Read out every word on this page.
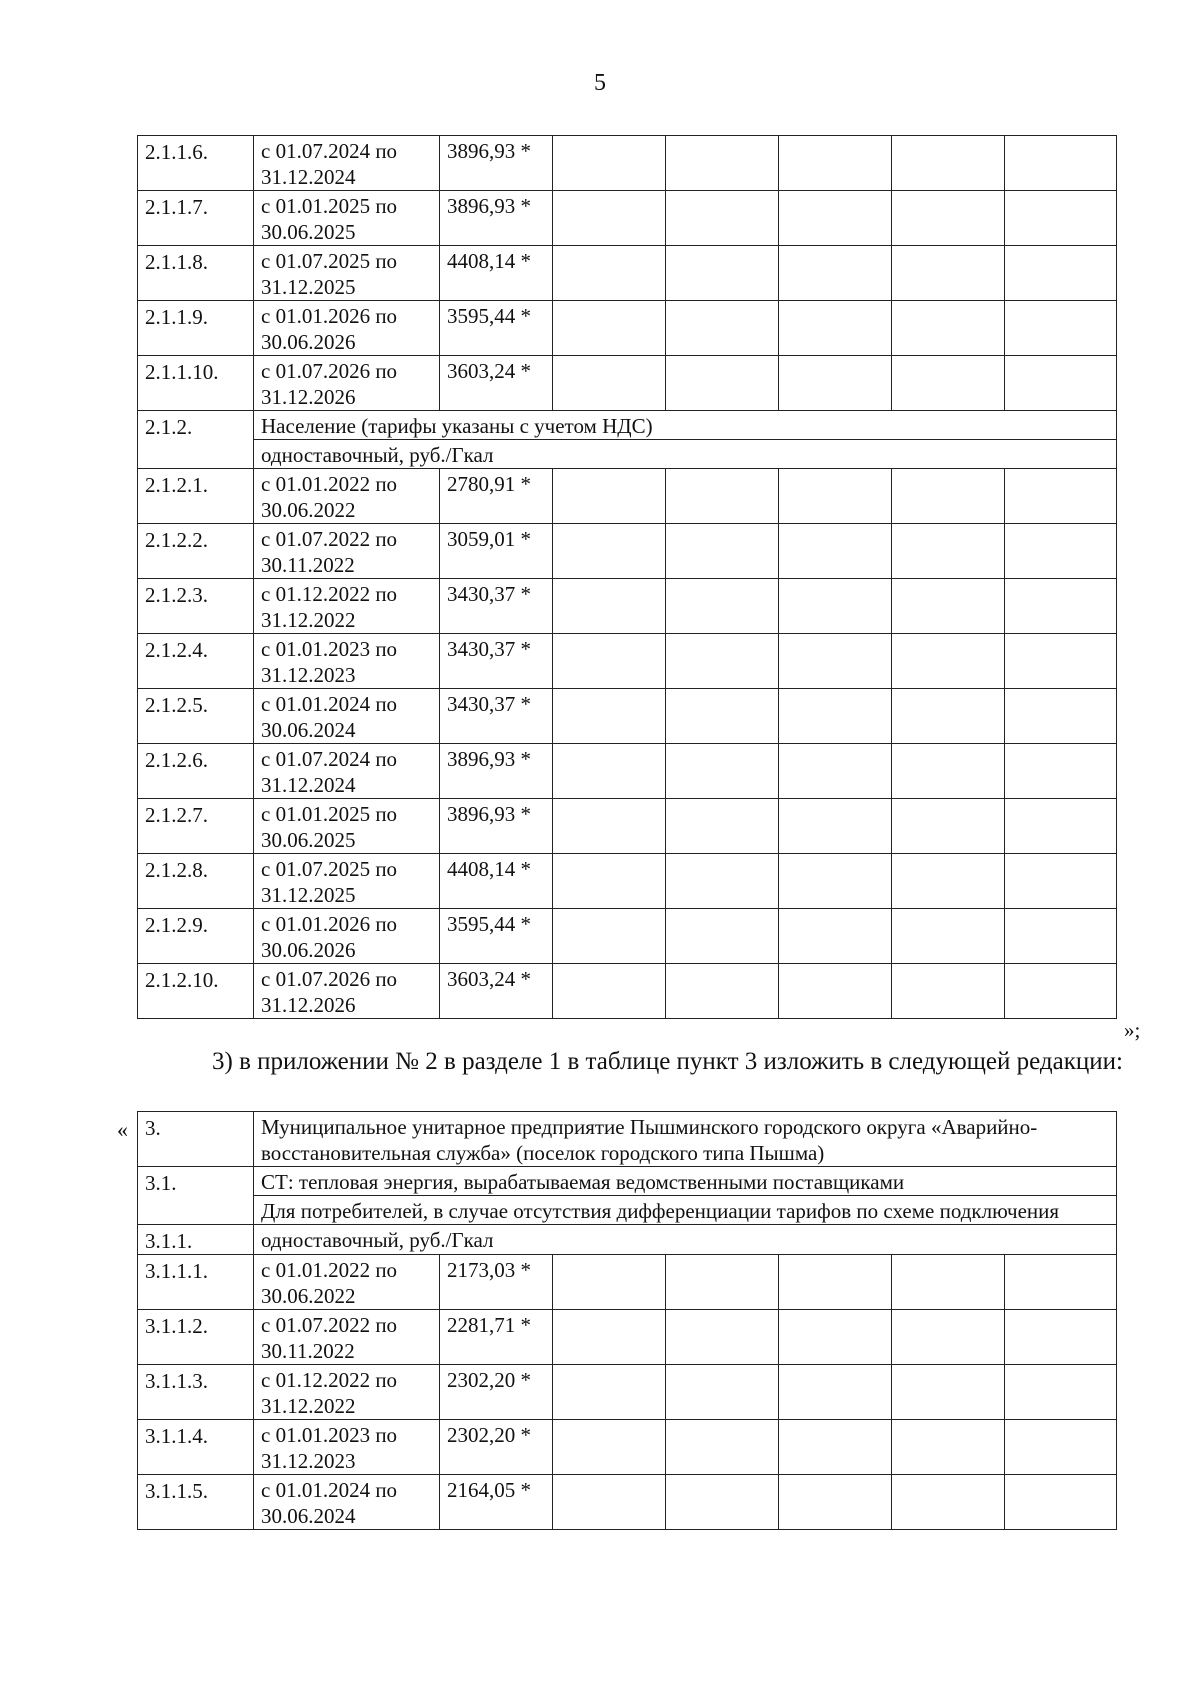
5
2.1.1.6.	с 01.07.2024 по 31.12.2024	3896,93 *					
2.1.1.7.	с 01.01.2025 по 30.06.2025	3896,93 *					
2.1.1.8.	с 01.07.2025 по 31.12.2025	4408,14 *					
2.1.1.9.	с 01.01.2026 по 30.06.2026	3595,44 *					
2.1.1.10.	с 01.07.2026 по 31.12.2026	3603,24 *					
2.1.2.	Население (тарифы указаны с учетом НДС)						
	одноставочный, руб./Гкал						
2.1.2.1.	с 01.01.2022 по 30.06.2022	2780,91 *					
2.1.2.2.	с 01.07.2022 по 30.11.2022	3059,01 *					
2.1.2.3.	с 01.12.2022 по 31.12.2022	3430,37 *					
2.1.2.4.	с 01.01.2023 по 31.12.2023	3430,37 *					
2.1.2.5.	с 01.01.2024 по 30.06.2024	3430,37 *					
2.1.2.6.	с 01.07.2024 по 31.12.2024	3896,93 *					
2.1.2.7.	с 01.01.2025 по 30.06.2025	3896,93 *					
2.1.2.8.	с 01.07.2025 по 31.12.2025	4408,14 *					
2.1.2.9.	с 01.01.2026 по 30.06.2026	3595,44 *					
2.1.2.10.	с 01.07.2026 по 31.12.2026	3603,24 *					
»;
3) в приложении № 2 в разделе 1 в таблице пункт 3 изложить в следующей редакции:
« 3.	Муниципальное унитарное предприятие Пышминского городского округа «Аварийно-восстановительная служба» (поселок городского типа Пышма)						
3.1.	СТ: тепловая энергия, вырабатываемая ведомственными поставщиками						
	Для потребителей, в случае отсутствия дифференциации тарифов по схеме подключения						
3.1.1.	одноставочный, руб./Гкал						
3.1.1.1.	с 01.01.2022 по 30.06.2022	2173,03 *					
3.1.1.2.	с 01.07.2022 по 30.11.2022	2281,71 *					
3.1.1.3.	с 01.12.2022 по 31.12.2022	2302,20 *					
3.1.1.4.	с 01.01.2023 по 31.12.2023	2302,20 *					
3.1.1.5.	с 01.01.2024 по 30.06.2024	2164,05 *					
